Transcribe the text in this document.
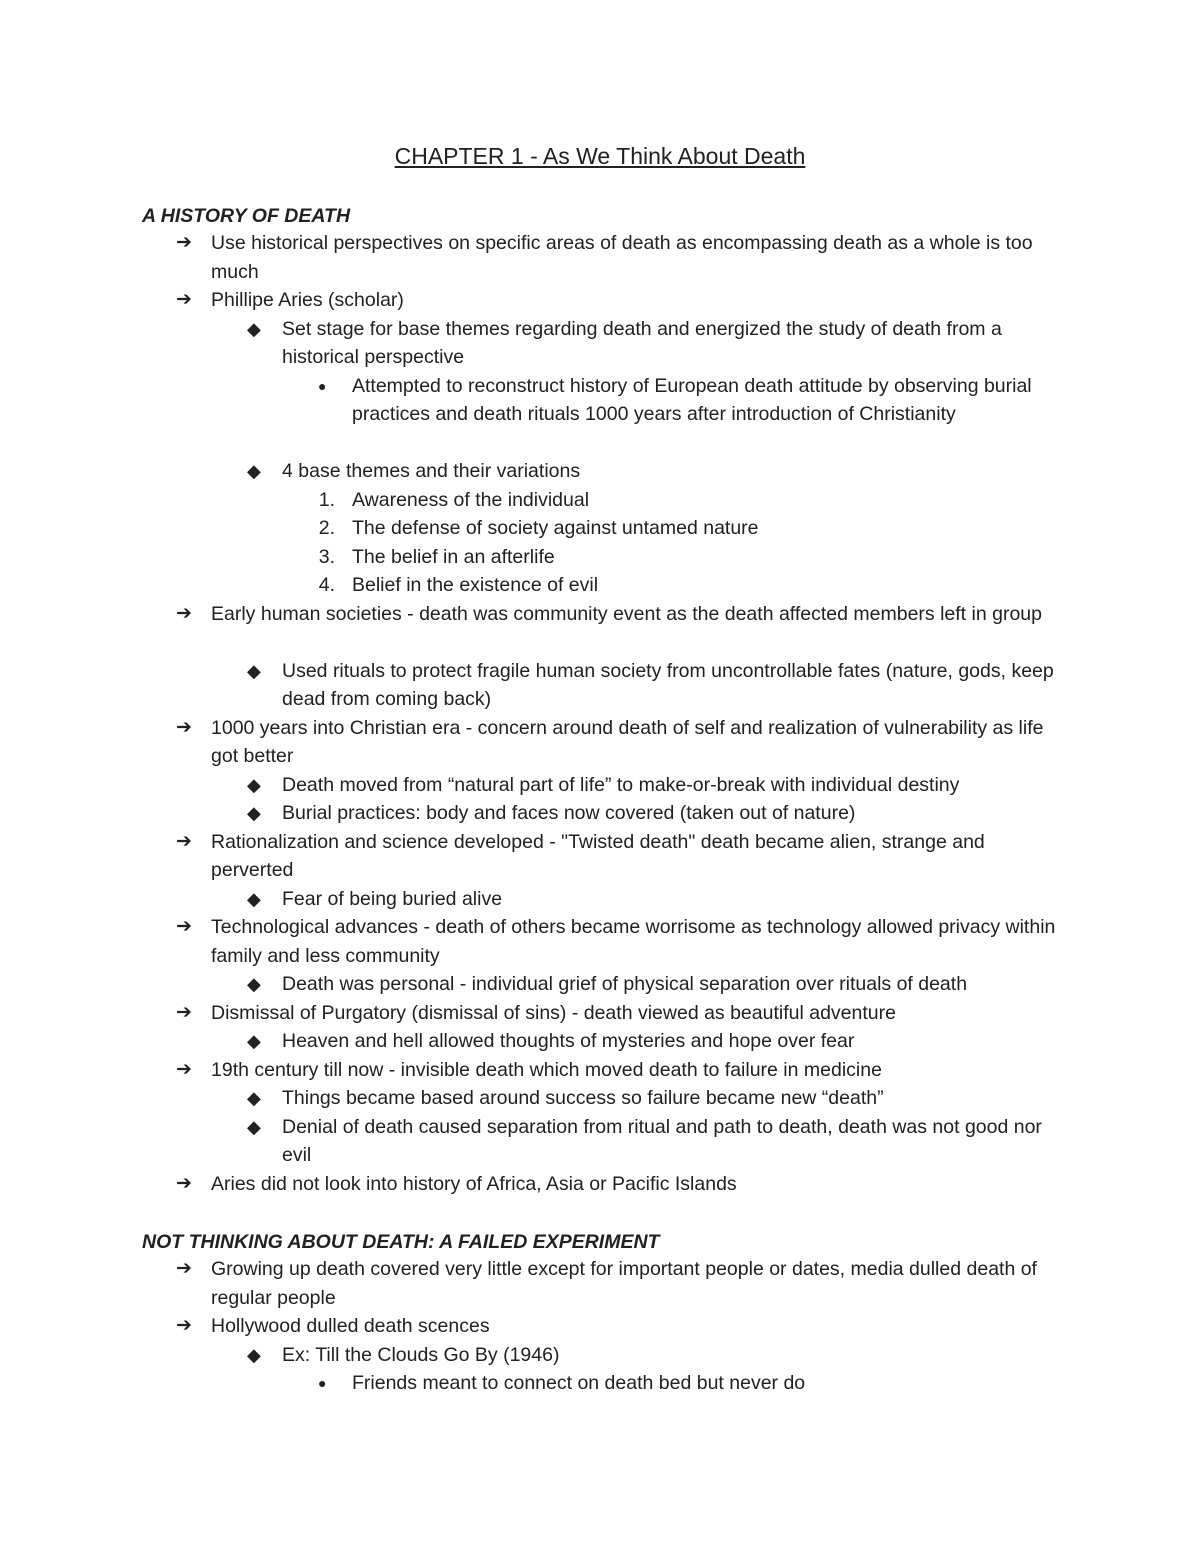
CHAPTER 1 - As We Think About Death
A HISTORY OF DEATH
➔ Use historical perspectives on specific areas of death as encompassing death as a whole is too much
➔ Phillipe Aries (scholar)
◆ Set stage for base themes regarding death and energized the study of death from a historical perspective
● Attempted to reconstruct history of European death attitude by observing burial practices and death rituals 1000 years after introduction of Christianity
◆ 4 base themes and their variations
1. Awareness of the individual
2. The defense of society against untamed nature
3. The belief in an afterlife
4. Belief in the existence of evil
➔ Early human societies - death was community event as the death affected members left in group
◆ Used rituals to protect fragile human society from uncontrollable fates (nature, gods, keep dead from coming back)
➔ 1000 years into Christian era - concern around death of self and realization of vulnerability as life got better
◆ Death moved from “natural part of life” to make-or-break with individual destiny
◆ Burial practices: body and faces now covered (taken out of nature)
➔ Rationalization and science developed - "Twisted death" death became alien, strange and perverted
◆ Fear of being buried alive
➔ Technological advances - death of others became worrisome as technology allowed privacy within family and less community
◆ Death was personal - individual grief of physical separation over rituals of death
➔ Dismissal of Purgatory (dismissal of sins) - death viewed as beautiful adventure
◆ Heaven and hell allowed thoughts of mysteries and hope over fear
➔ 19th century till now - invisible death which moved death to failure in medicine
◆ Things became based around success so failure became new “death”
◆ Denial of death caused separation from ritual and path to death, death was not good nor evil
➔ Aries did not look into history of Africa, Asia or Pacific Islands
NOT THINKING ABOUT DEATH: A FAILED EXPERIMENT
➔ Growing up death covered very little except for important people or dates, media dulled death of regular people
➔ Hollywood dulled death scences
◆ Ex: Till the Clouds Go By (1946)
● Friends meant to connect on death bed but never do
